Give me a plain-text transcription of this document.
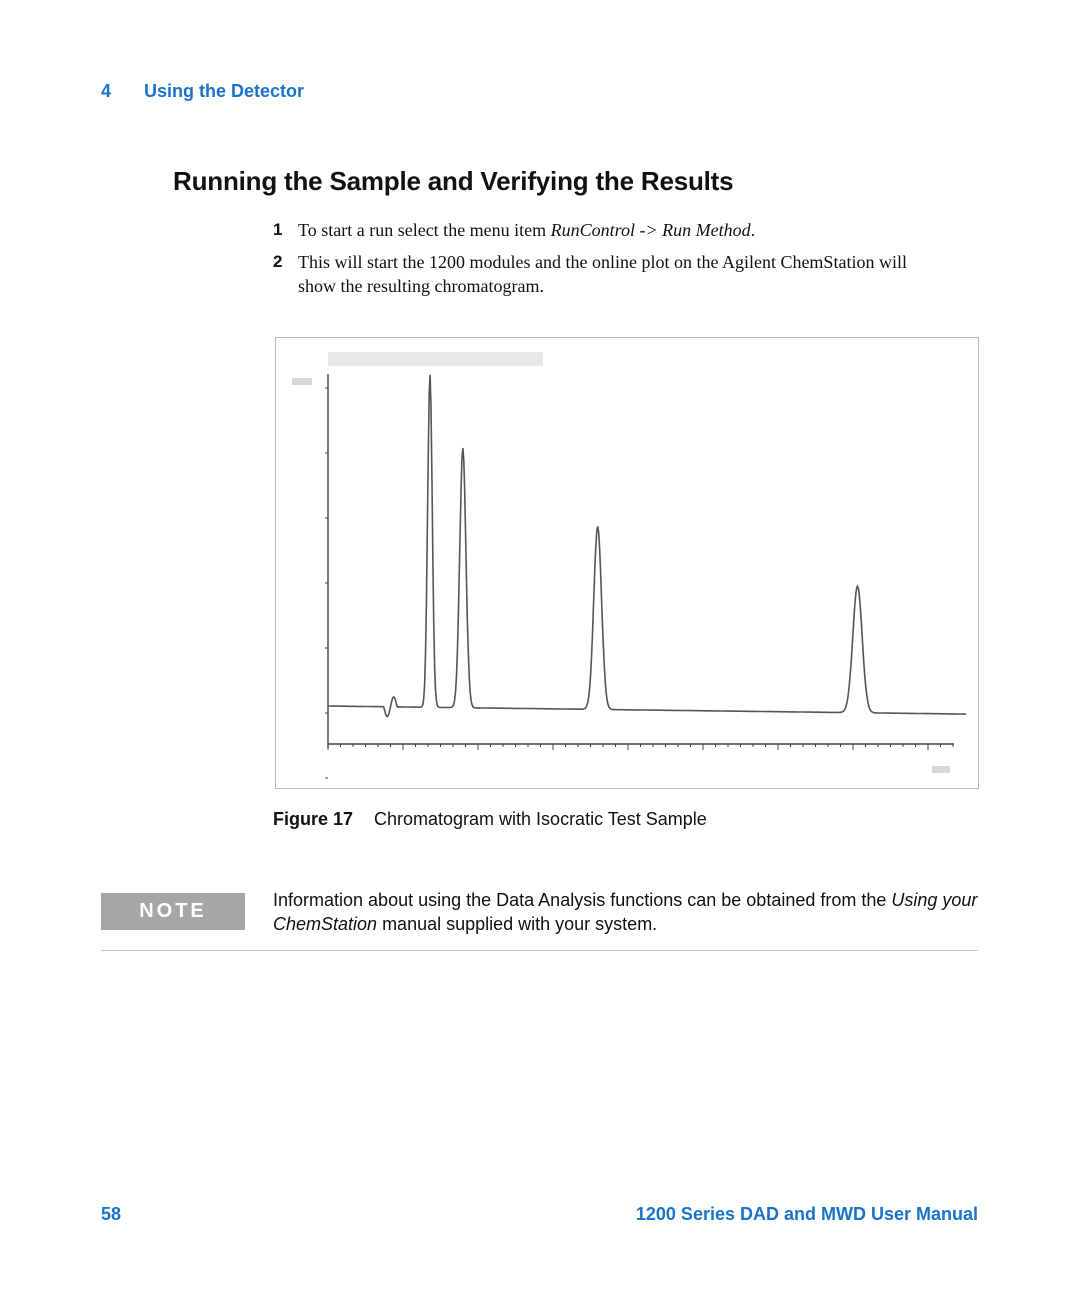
4 Using the Detector
Running the Sample and Verifying the Results
1 To start a run select the menu item RunControl -> Run Method.
2 This will start the 1200 modules and the online plot on the Agilent ChemStation will show the resulting chromatogram.
Figure 17 Chromatogram with Isocratic Test Sample
NOTE	Information about using the Data Analysis functions can be obtained from the Using your ChemStation manual supplied with your system.
58	1200 Series DAD and MWD User Manual
